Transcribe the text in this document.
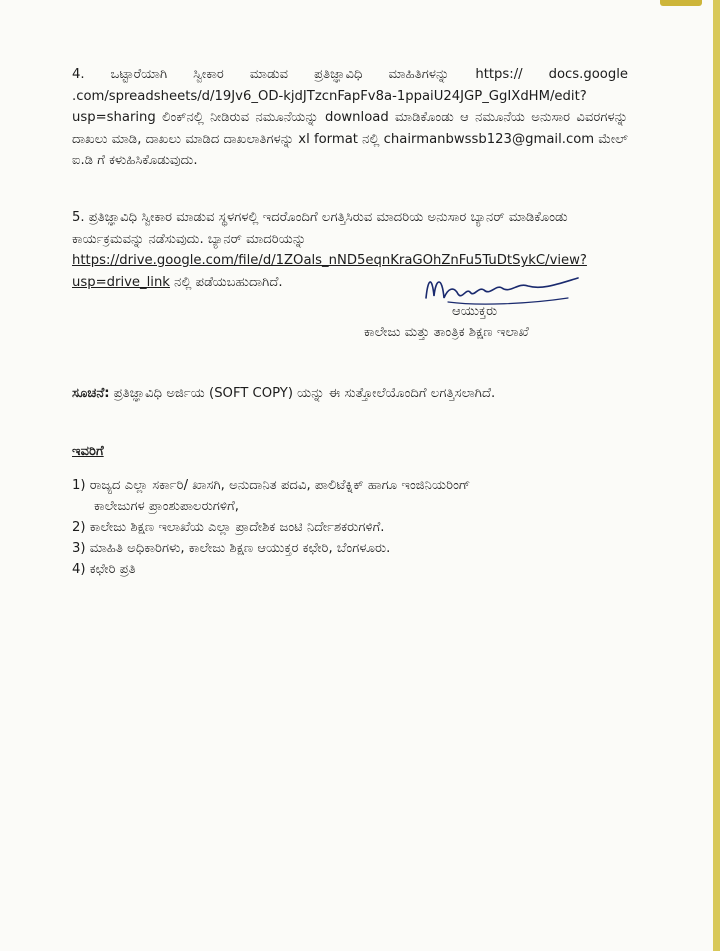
4. ಒಟ್ಟಾರೆಯಾಗಿ ಸ್ವೀಕಾರ ಮಾಡುವ ಪ್ರತಿಜ್ಞಾವಿಧಿ ಮಾಹಿತಿಗಳನ್ನು https:// docs.google .com/spreadsheets/d/19Jv6_OD-kjdJTzcnFapFv8a-1ppaiU24JGP_GgIXdHM/edit?usp=sharing ಲಿಂಕ್‌ನಲ್ಲಿ ನೀಡಿರುವ ನಮೂನೆಯನ್ನು download ಮಾಡಿಕೊಂಡು ಆ ನಮೂನೆಯ ಅನುಸಾರ ವಿವರಗಳನ್ನು ದಾಖಲು ಮಾಡಿ, ದಾಖಲು ಮಾಡಿದ ದಾಖಲಾತಿಗಳನ್ನು xl format ನಲ್ಲಿ chairmanbwssb123@gmail.com ಮೇಲ್ ಐ.ಡಿ ಗೆ ಕಳುಹಿಸಿಕೊಡುವುದು.
5. ಪ್ರತಿಜ್ಞಾವಿಧಿ ಸ್ವೀಕಾರ ಮಾಡುವ ಸ್ಥಳಗಳಲ್ಲಿ ಇದರೊಂದಿಗೆ ಲಗತ್ತಿಸಿರುವ ಮಾದರಿಯ ಅನುಸಾರ ಬ್ಯಾನರ್ ಮಾಡಿಕೊಂಡು ಕಾರ್ಯಕ್ರಮವನ್ನು ನಡೆಸುವುದು. ಬ್ಯಾನರ್ ಮಾದರಿಯನ್ನು https://drive.google.com/file/d/1ZOals_nND5eqnKraGOhZnFu5TuDtSykC/view?usp=drive_link ನಲ್ಲಿ ಪಡೆಯಬಹುದಾಗಿದೆ.
ಆಯುಕ್ತರು
ಕಾಲೇಜು ಮತ್ತು ತಾಂತ್ರಿಕ ಶಿಕ್ಷಣ ಇಲಾಖೆ
ಸೂಚನೆ: ಪ್ರತಿಜ್ಞಾವಿಧಿ ಅರ್ಜಿಯ (SOFT COPY) ಯನ್ನು ಈ ಸುತ್ತೋಲೆಯೊಂದಿಗೆ ಲಗತ್ತಿಸಲಾಗಿದೆ.
ಇವರಿಗೆ
1) ರಾಜ್ಯದ ಎಲ್ಲಾ ಸರ್ಕಾರಿ/ ಖಾಸಗಿ, ಅನುದಾನಿತ ಪದವಿ, ಪಾಲಿಟೆಕ್ನಿಕ್ ಹಾಗೂ ಇಂಜಿನಿಯರಿಂಗ್
ಕಾಲೇಜುಗಳ ಪ್ರಾಂಶುಪಾಲರುಗಳಿಗೆ,
2) ಕಾಲೇಜು ಶಿಕ್ಷಣ ಇಲಾಖೆಯ ಎಲ್ಲಾ ಪ್ರಾದೇಶಿಕ ಜಂಟಿ ನಿರ್ದೇಶಕರುಗಳಿಗೆ.
3) ಮಾಹಿತಿ ಅಧಿಕಾರಿಗಳು, ಕಾಲೇಜು ಶಿಕ್ಷಣ ಆಯುಕ್ತರ ಕಛೇರಿ, ಬೆಂಗಳೂರು.
4) ಕಛೇರಿ ಪ್ರತಿ
